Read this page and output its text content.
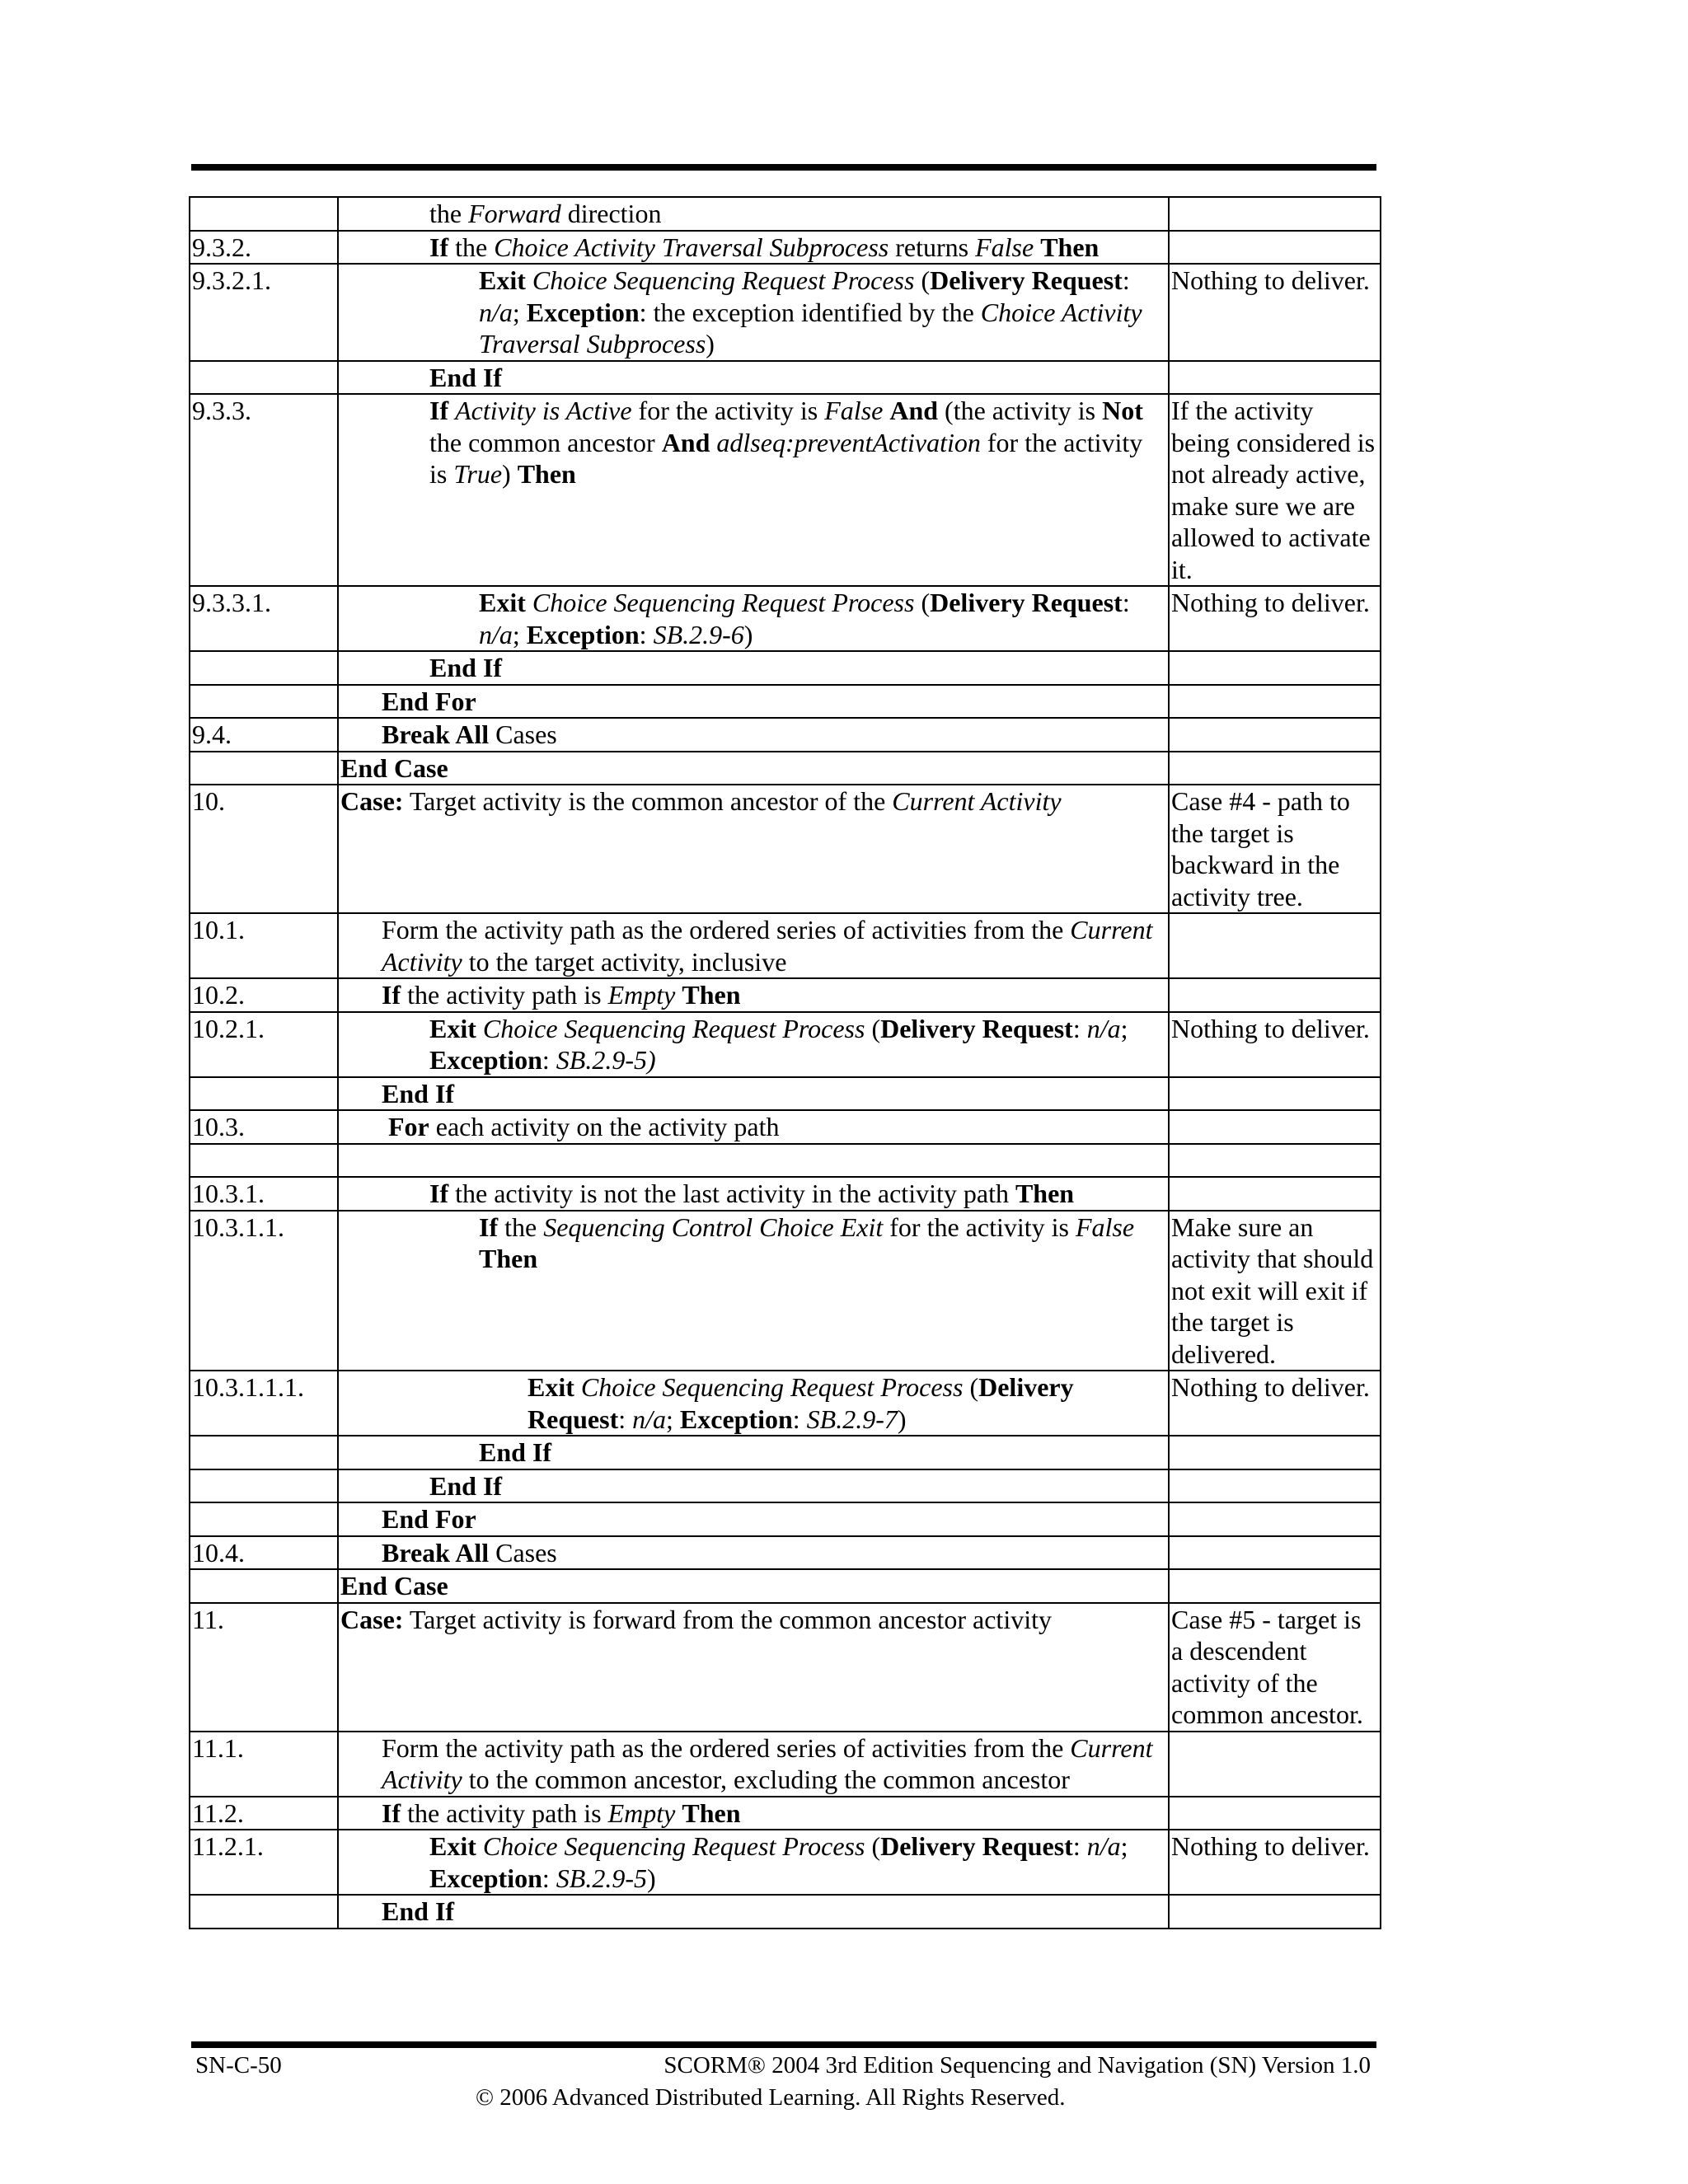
	the Forward direction	
9.3.2.	If the Choice Activity Traversal Subprocess returns False Then	
9.3.2.1.	Exit Choice Sequencing Request Process (Delivery Request: n/a; Exception: the exception identified by the Choice Activity Traversal Subprocess)	Nothing to deliver.
	End If	
9.3.3.	If Activity is Active for the activity is False And (the activity is Not the common ancestor And adlseq:preventActivation for the activity is True) Then	If the activity being considered is not already active, make sure we are allowed to activate it.
9.3.3.1.	Exit Choice Sequencing Request Process (Delivery Request: n/a; Exception: SB.2.9-6)	Nothing to deliver.
	End If	
	End For	
9.4.	Break All Cases	
	End Case	
10.	Case: Target activity is the common ancestor of the Current Activity	Case #4 - path to the target is backward in the activity tree.
10.1.	Form the activity path as the ordered series of activities from the Current Activity to the target activity, inclusive	
10.2.	If the activity path is Empty Then	
10.2.1.	Exit Choice Sequencing Request Process (Delivery Request: n/a; Exception: SB.2.9-5)	Nothing to deliver.
	End If	
10.3.	For each activity on the activity path	

10.3.1.	If the activity is not the last activity in the activity path Then	
10.3.1.1.	If the Sequencing Control Choice Exit for the activity is False Then	Make sure an activity that should not exit will exit if the target is delivered.
10.3.1.1.1.	Exit Choice Sequencing Request Process (Delivery Request: n/a; Exception: SB.2.9-7)	Nothing to deliver.
	End If	
	End If	
	End For	
10.4.	Break All Cases	
	End Case	
11.	Case: Target activity is forward from the common ancestor activity	Case #5 - target is a descendent activity of the common ancestor.
11.1.	Form the activity path as the ordered series of activities from the Current Activity to the common ancestor, excluding the common ancestor	
11.2.	If the activity path is Empty Then	
11.2.1.	Exit Choice Sequencing Request Process (Delivery Request: n/a; Exception: SB.2.9-5)	Nothing to deliver.
	End If	
SN-C-50	SCORM® 2004 3rd Edition Sequencing and Navigation (SN) Version 1.0
© 2006 Advanced Distributed Learning. All Rights Reserved.
